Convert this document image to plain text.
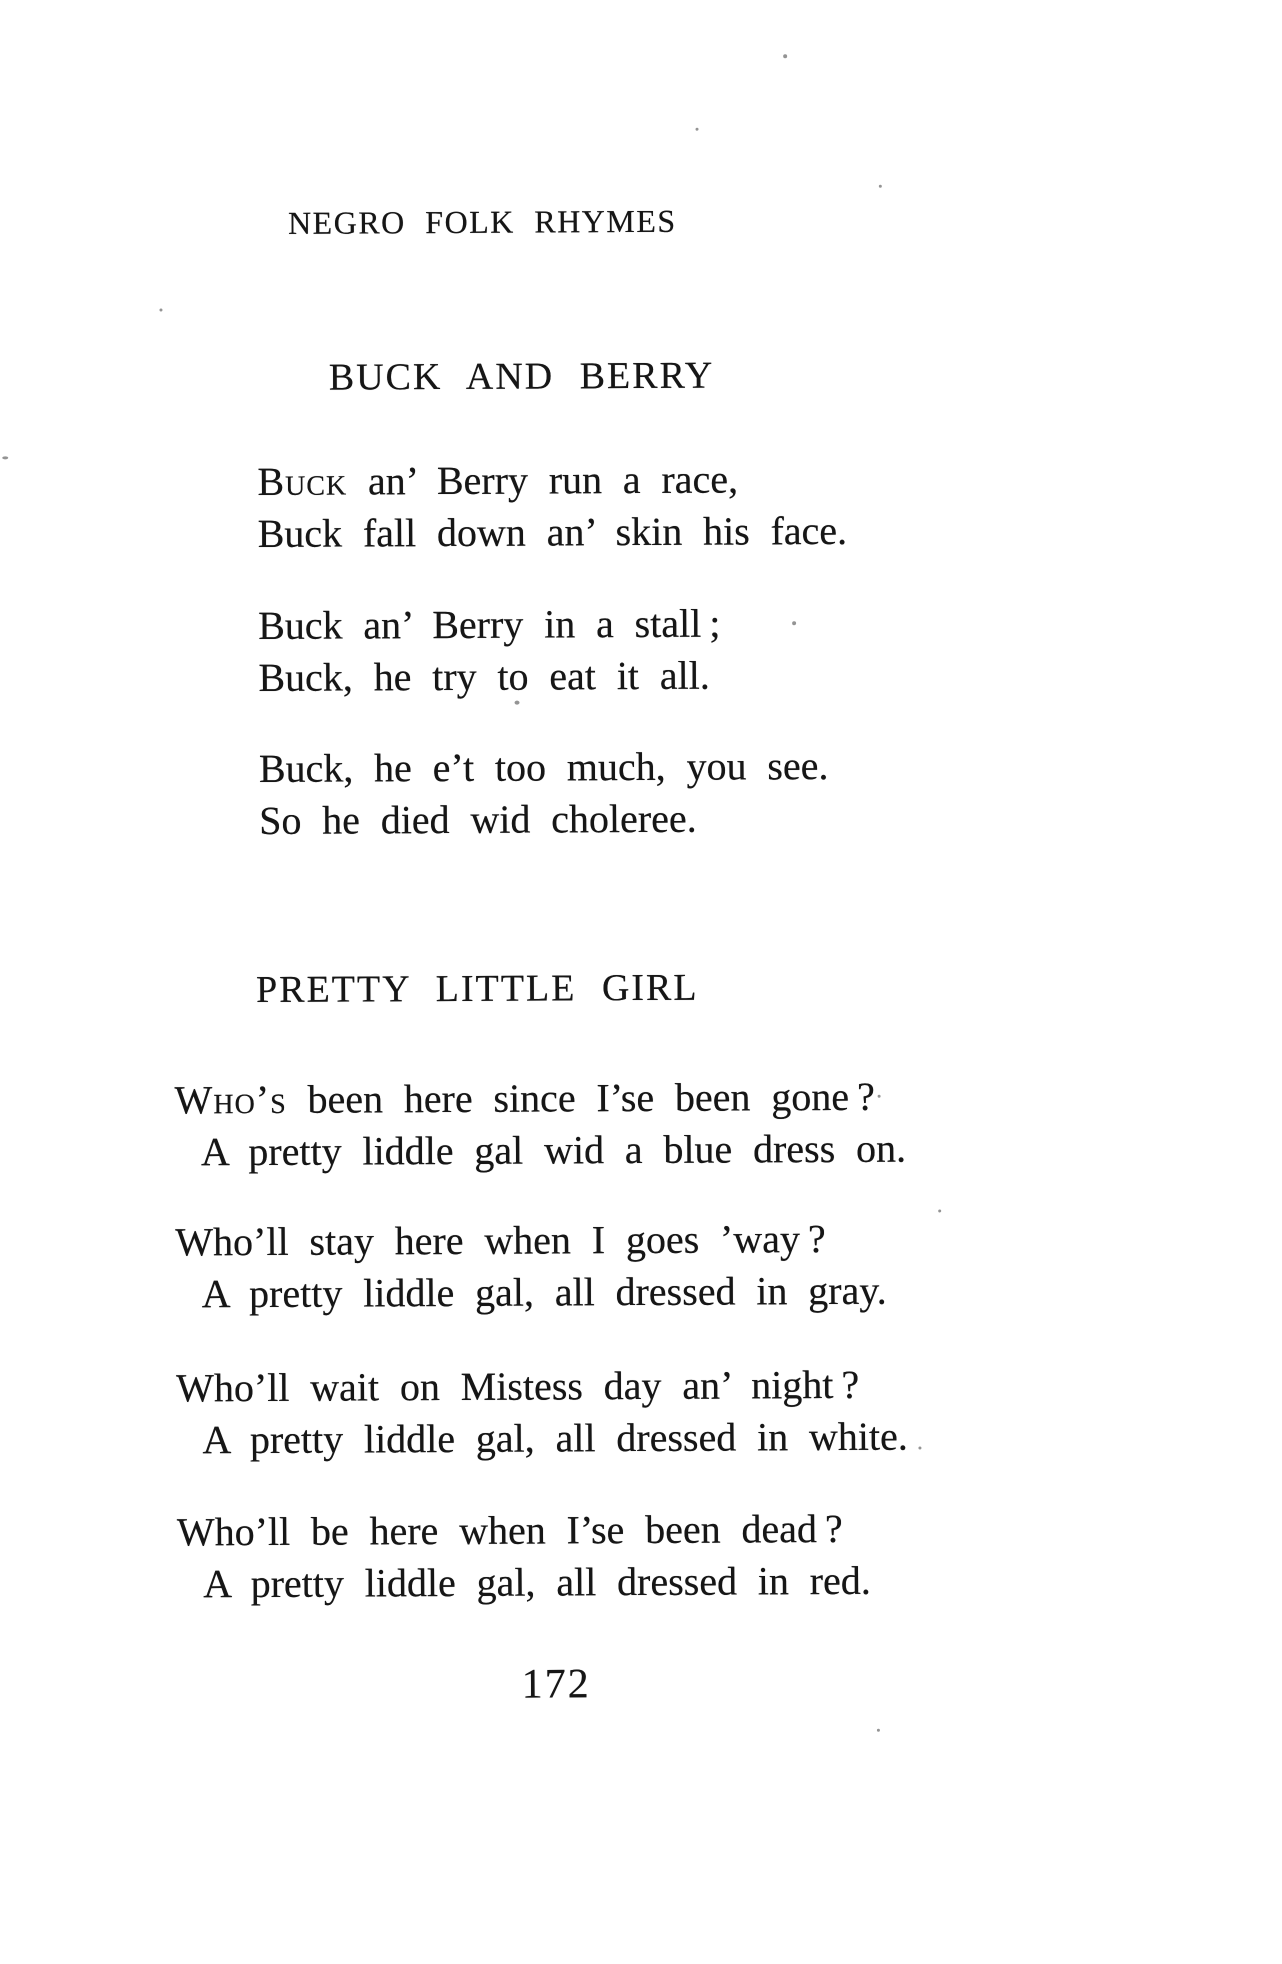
NEGRO FOLK RHYMES
BUCK AND BERRY

Buck an’ Berry run a race,

Buck fall down an’ skin his face.

Buck an’ Berry in a stall ;

Buck, he try to eat it all.

Buck, he e’t too much, you see.

So he died wid choleree.

PRETTY LITTLE GIRL

Who’s been here since I’se been gone ?

A pretty liddle gal wid a blue dress on.

Who’ll stay here when I goes ’way ?

A pretty liddle gal, all dressed in gray.

Who’ll wait on Mistess day an’ night ?

A pretty liddle gal, all dressed in white.

Who’ll be here when I’se been dead ?

A pretty liddle gal, all dressed in red.

172
